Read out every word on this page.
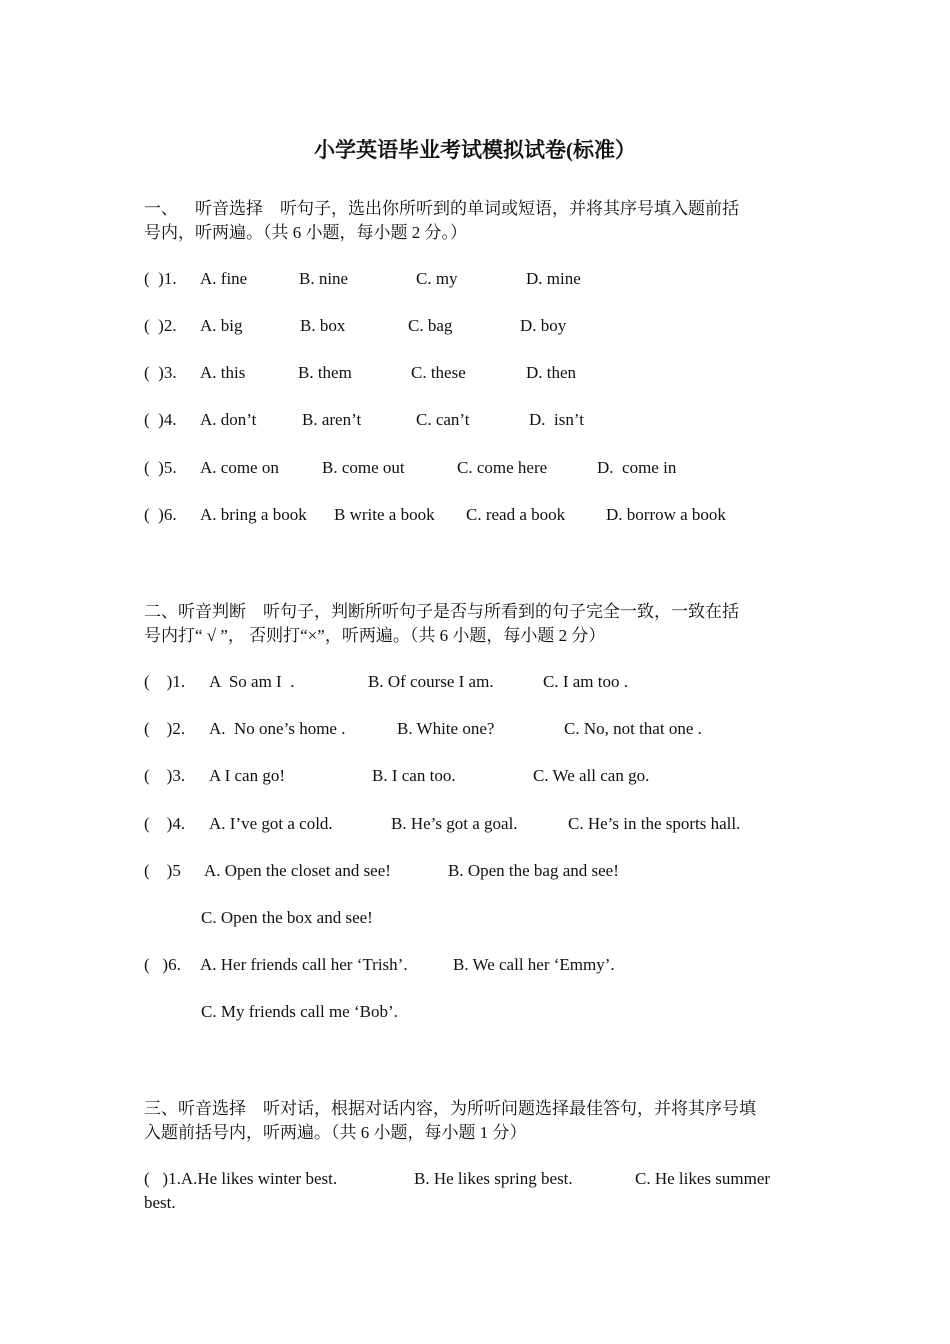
小学英语毕业考试模拟试卷(标准）
一、    听音选择    听句子，选出你所听到的单词或短语，并将其序号填入题前括
号内，听两遍。（共 6 小题，每小题 2 分。）
(  )1. A. fine	B. nine	C. my	D. mine
(  )2. A. big	B. box	C. bag	D. boy
(  )3. A. this	B. them	C. these	D. then
(  )4. A. don’t	B. aren’t	C. can’t	D.  isn’t
(  )5. A. come on	B. come out	C. come here	D.  come in
(  )6. A. bring a book B write a book C. read a book D. borrow a book
二、听音判断    听句子，判断所听句子是否与所看到的句子完全一致，一致在括
号内打“ √ ”， 否则打“×”，听两遍。（共 6 小题，每小题 2 分）
(    )1. A  So am I  .	B. Of course I am.	C. I am too .
(    )2. A.  No one’s home .	B. White one?	C. No, not that one .
(    )3. A I can go!	B. I can too.	C. We all can go.
(    )4. A. I’ve got a cold.	B. He’s got a goal.	C. He’s in the sports hall.
(    )5 A. Open the closet and see!	B. Open the bag and see!
C. Open the box and see!
(   )6. A. Her friends call her ‘Trish’.	B. We call her ‘Emmy’.
C. My friends call me ‘Bob’.
三、听音选择    听对话，根据对话内容，为所听问题选择最佳答句，并将其序号填
入题前括号内，听两遍。（共 6 小题，每小题 1 分）
(   )1.A.He likes winter best.	B. He likes spring best.	C. He likes summer
best.
